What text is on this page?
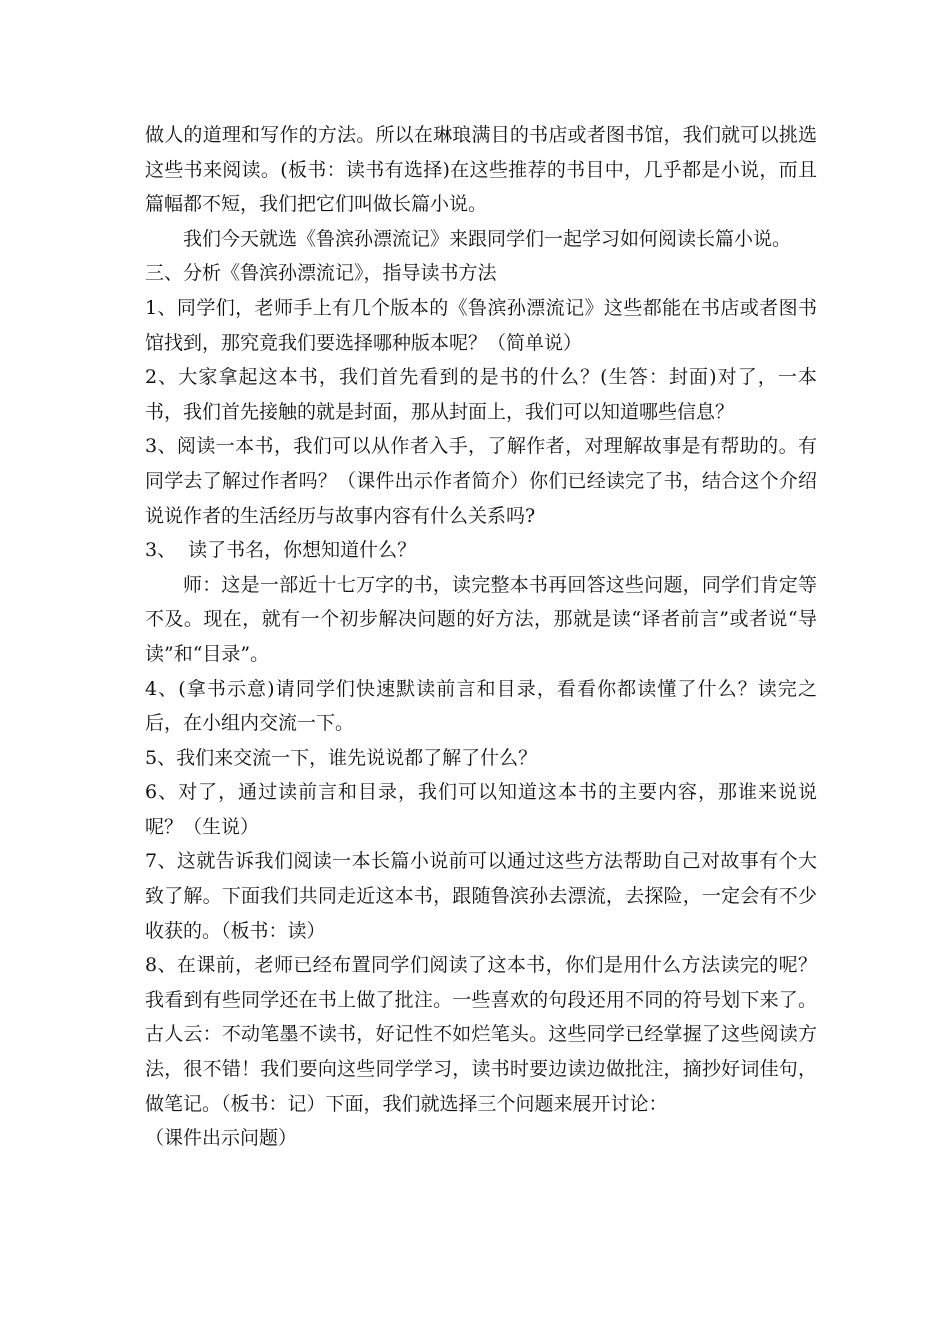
做人的道理和写作的方法。所以在琳琅满目的书店或者图书馆，我们就可以挑选这些书来阅读。(板书：读书有选择)在这些推荐的书目中，几乎都是小说，而且篇幅都不短，我们把它们叫做长篇小说。

我们今天就选《鲁滨孙漂流记》来跟同学们一起学习如何阅读长篇小说。

三、分析《鲁滨孙漂流记》，指导读书方法

1、同学们，老师手上有几个版本的《鲁滨孙漂流记》这些都能在书店或者图书馆找到，那究竟我们要选择哪种版本呢？（简单说）

2、大家拿起这本书，我们首先看到的是书的什么？(生答：封面)对了，一本书，我们首先接触的就是封面，那从封面上，我们可以知道哪些信息？

3、阅读一本书，我们可以从作者入手，了解作者，对理解故事是有帮助的。有同学去了解过作者吗？（课件出示作者简介）你们已经读完了书，结合这个介绍说说作者的生活经历与故事内容有什么关系吗?

3、  读了书名，你想知道什么？

师：这是一部近十七万字的书，读完整本书再回答这些问题，同学们肯定等不及。现在，就有一个初步解决问题的好方法，那就是读“译者前言”或者说“导读”和“目录”。

4、(拿书示意)请同学们快速默读前言和目录，看看你都读懂了什么？读完之后，在小组内交流一下。

5、我们来交流一下，谁先说说都了解了什么？

6、对了，通过读前言和目录，我们可以知道这本书的主要内容，那谁来说说呢？（生说）

7、这就告诉我们阅读一本长篇小说前可以通过这些方法帮助自己对故事有个大致了解。下面我们共同走近这本书，跟随鲁滨孙去漂流，去探险，一定会有不少收获的。（板书：读）

8、在课前，老师已经布置同学们阅读了这本书，你们是用什么方法读完的呢？我看到有些同学还在书上做了批注。一些喜欢的句段还用不同的符号划下来了。古人云：不动笔墨不读书，好记性不如烂笔头。这些同学已经掌握了这些阅读方法，很不错！我们要向这些同学学习，读书时要边读边做批注，摘抄好词佳句，做笔记。（板书：记）下面，我们就选择三个问题来展开讨论：

（课件出示问题）
